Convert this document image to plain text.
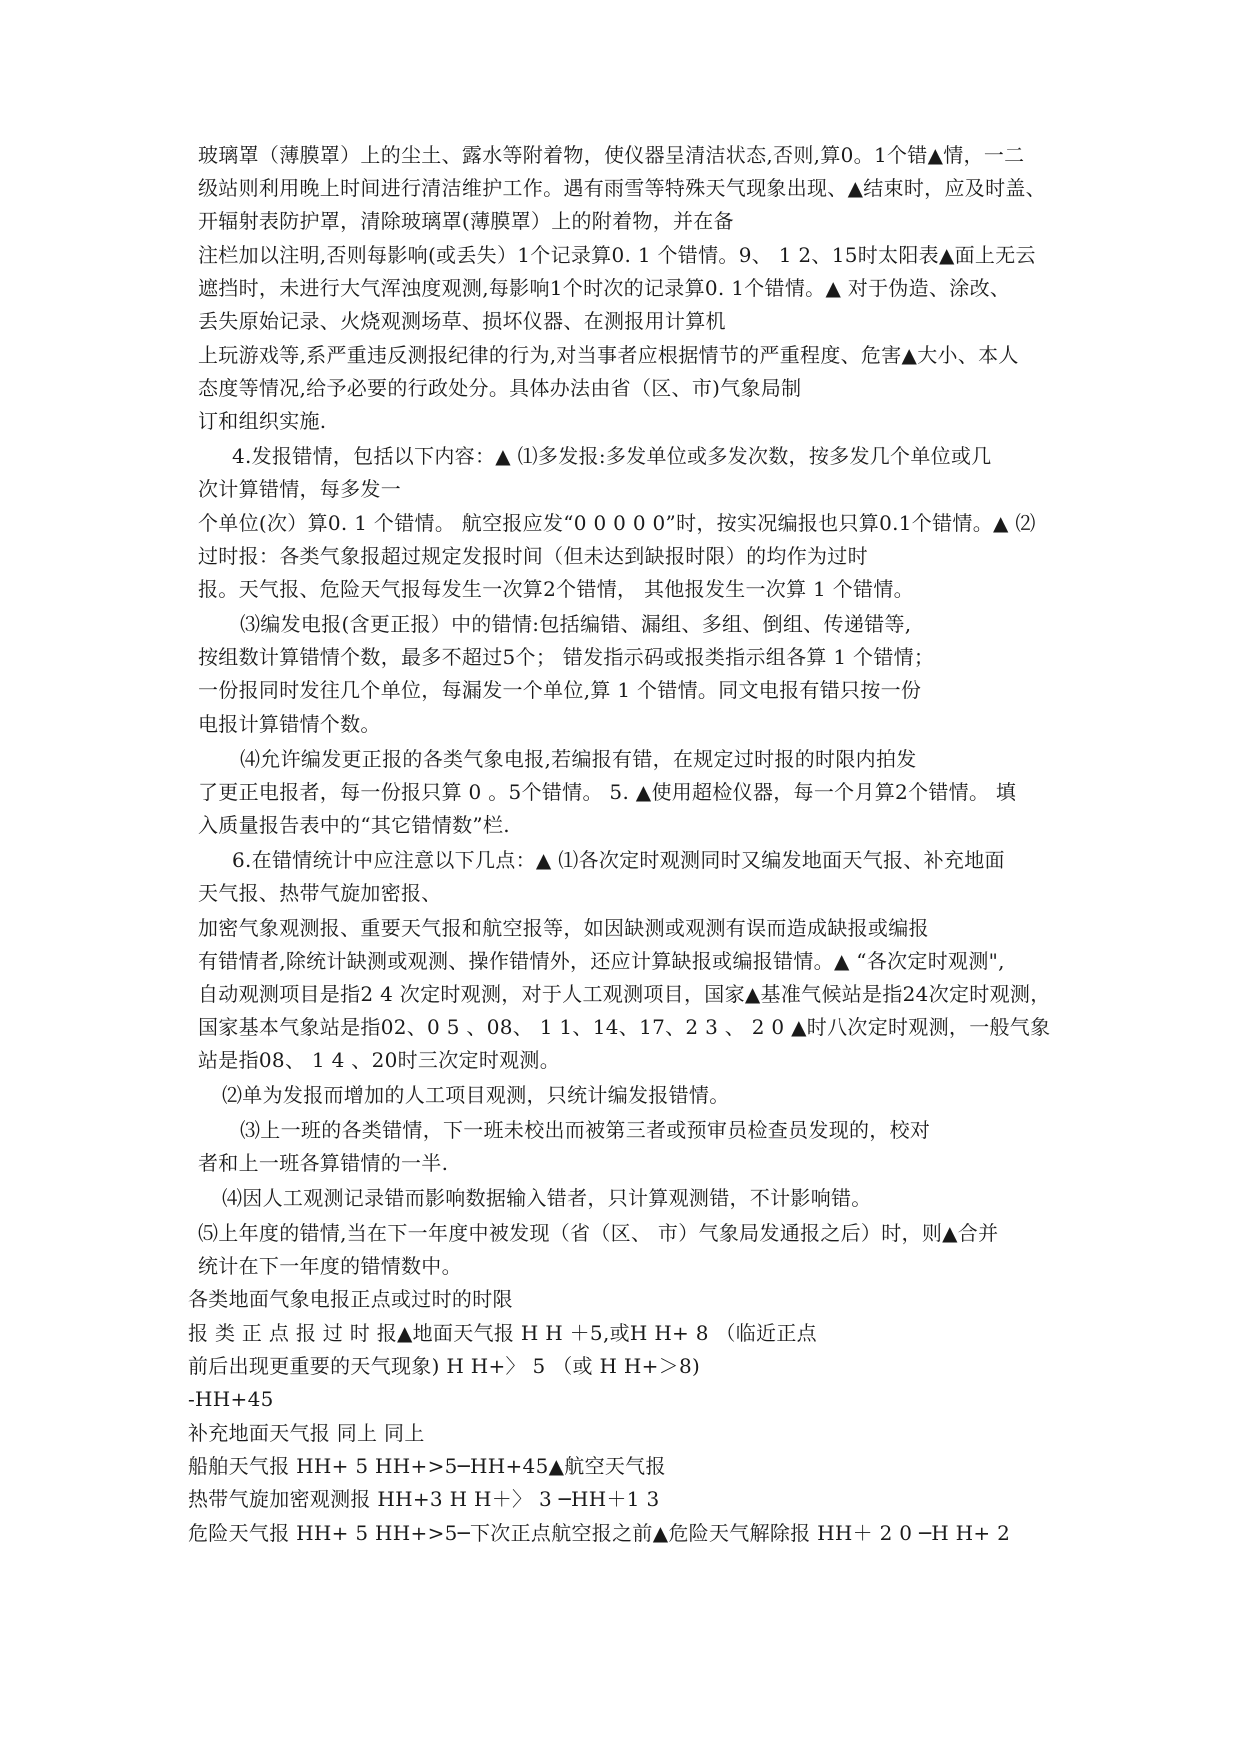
玻璃罩（薄膜罩）上的尘土、露水等附着物，使仪器呈清洁状态,否则,算0。1个错▲情，一二
级站则利用晚上时间进行清洁维护工作。遇有雨雪等特殊天气现象出现、▲结束时，应及时盖、
开辐射表防护罩，清除玻璃罩(薄膜罩）上的附着物，并在备
注栏加以注明,否则每影响(或丢失）1个记录算0. 1 个错情。9、 1 2、15时太阳表▲面上无云
遮挡时，未进行大气浑浊度观测,每影响1个时次的记录算0. 1个错情。▲ 对于伪造、涂改、
丢失原始记录、火烧观测场草、损坏仪器、在测报用计算机
上玩游戏等,系严重违反测报纪律的行为,对当事者应根据情节的严重程度、危害▲大小、本人
态度等情况,给予必要的行政处分。具体办法由省（区、市)气象局制
订和组织实施.
4.发报错情，包括以下内容：▲ ⑴多发报:多发单位或多发次数，按多发几个单位或几
次计算错情，每多发一
个单位(次）算0. 1 个错情。 航空报应发“0 0 0 0 0”时，按实况编报也只算0.1个错情。▲ ⑵
过时报：各类气象报超过规定发报时间（但未达到缺报时限）的均作为过时
报。天气报、危险天气报每发生一次算2个错情， 其他报发生一次算 1 个错情。
⑶编发电报(含更正报）中的错情:包括编错、漏组、多组、倒组、传递错等,
按组数计算错情个数，最多不超过5个； 错发指示码或报类指示组各算 1 个错情；
一份报同时发往几个单位，每漏发一个单位,算 1 个错情。同文电报有错只按一份
电报计算错情个数。
⑷允许编发更正报的各类气象电报,若编报有错，在规定过时报的时限内拍发
了更正电报者，每一份报只算 0 。5个错情。 5. ▲使用超检仪器，每一个月算2个错情。 填
入质量报告表中的“其它错情数”栏.
6.在错情统计中应注意以下几点：▲ ⑴各次定时观测同时又编发地面天气报、补充地面
天气报、热带气旋加密报、
加密气象观测报、重要天气报和航空报等，如因缺测或观测有误而造成缺报或编报
有错情者,除统计缺测或观测、操作错情外，还应计算缺报或编报错情。▲ “各次定时观测",
自动观测项目是指2 4 次定时观测，对于人工观测项目，国家▲基准气候站是指24次定时观测，
国家基本气象站是指02、0 5 、08、 1 1、14、17、2 3 、 2 0 ▲时八次定时观测，一般气象
站是指08、 1 4 、20时三次定时观测。
⑵单为发报而增加的人工项目观测，只统计编发报错情。
⑶上一班的各类错情，下一班未校出而被第三者或预审员检查员发现的，校对
者和上一班各算错情的一半.
⑷因人工观测记录错而影响数据输入错者，只计算观测错，不计影响错。
⑸上年度的错情,当在下一年度中被发现（省（区、 市）气象局发通报之后）时，则▲合并
统计在下一年度的错情数中。
各类地面气象电报正点或过时的时限
报 类 正 点 报 过 时 报▲地面天气报 H H ＋5,或H H+ 8 （临近正点
前后出现更重要的天气现象) H H+〉 5 （或 H H+＞8)
-HH+45
补充地面天气报 同上 同上
船舶天气报 HH+ 5 HH+>5─HH+45▲航空天气报
热带气旋加密观测报 HH+3 H H＋〉 3 ─HH＋1 3
危险天气报 HH+ 5 HH+>5─下次正点航空报之前▲危险天气解除报 HH＋ 2 0 ─H H+ 2
